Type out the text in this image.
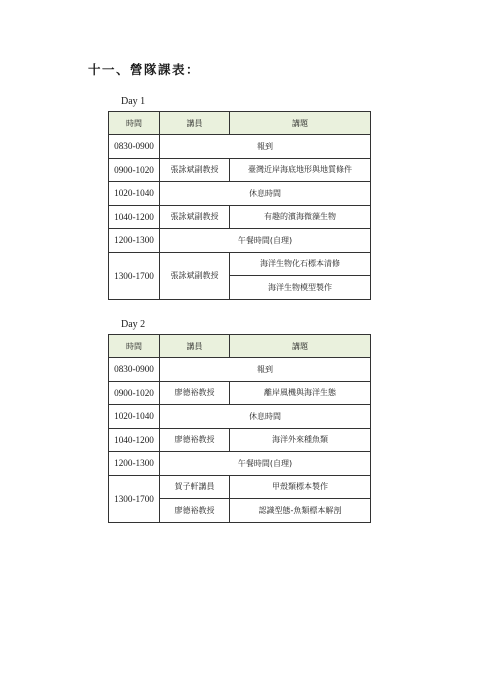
十一、營隊課表：
Day 1
時間	講員	講題
0830-0900	報到	
0900-1020	張詠斌副教授	臺灣近岸海底地形與地質條件
1020-1040	休息時間	
1040-1200	張詠斌副教授	有趣的濱海微藻生物
1200-1300	午餐時間(自理)	
1300-1700	張詠斌副教授	海洋生物化石標本清修
		海洋生物模型製作
Day 2
時間	講員	講題
0830-0900	報到	
0900-1020	廖德裕教授	離岸風機與海洋生態
1020-1040	休息時間	
1040-1200	廖德裕教授	海洋外來種魚類
1200-1300	午餐時間(自理)	
1300-1700	賀子軒講員	甲殼類標本製作
	廖德裕教授	認識型態-魚類標本解剖
